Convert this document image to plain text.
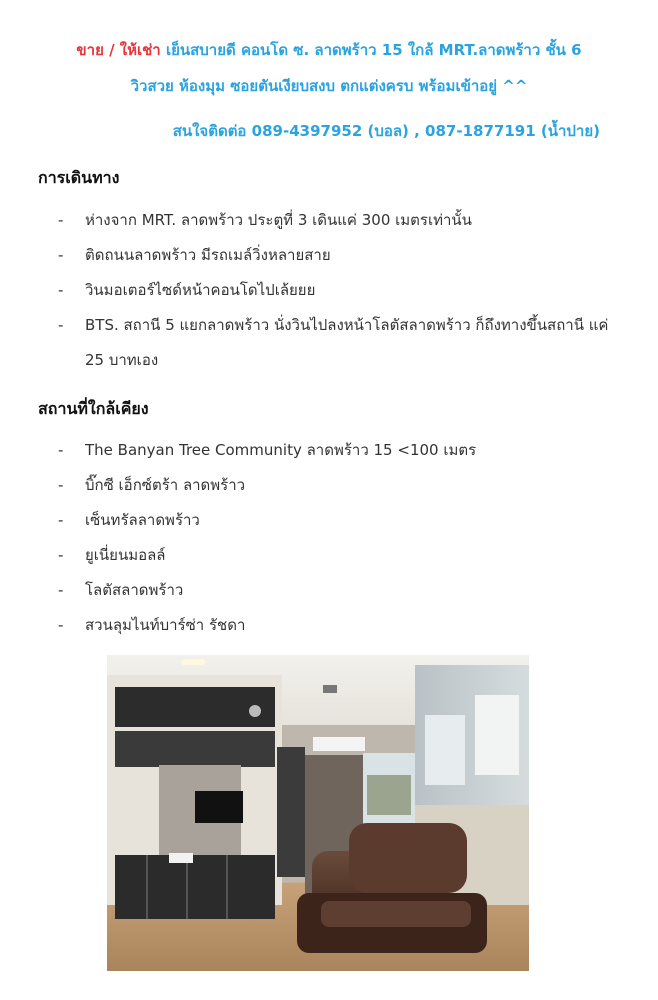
ขาย / ให้เช่า เย็นสบายดี คอนโด ซ. ลาดพร้าว 15 ใกล้ MRT.ลาดพร้าว ชั้น 6
วิวสวย ห้องมุม ซอยตันเงียบสงบ ตกแต่งครบ พร้อมเข้าอยู่ ^^
สนใจติดต่อ 089-4397952 (บอล) , 087-1877191 (น้ำปาย)
การเดินทาง
- ห่างจาก MRT. ลาดพร้าว ประตูที่ 3 เดินแค่ 300 เมตรเท่านั้น
- ติดถนนลาดพร้าว มีรถเมล์วิ่งหลายสาย
- วินมอเตอร์ไซด์หน้าคอนโดไปเล้ยยย
- BTS. สถานี 5 แยกลาดพร้าว นั่งวินไปลงหน้าโลตัสลาดพร้าว ก็ถึงทางขึ้นสถานี แค่ 25 บาทเอง
สถานที่ใกล้เคียง
- The Banyan Tree Community ลาดพร้าว 15 <100 เมตร
- บิ๊กซี เอ็กซ์ตร้า ลาดพร้าว
- เซ็นทรัลลาดพร้าว
- ยูเนี่ยนมอลล์
- โลตัสลาดพร้าว
- สวนลุมไนท์บาร์ซ่า รัชดา
